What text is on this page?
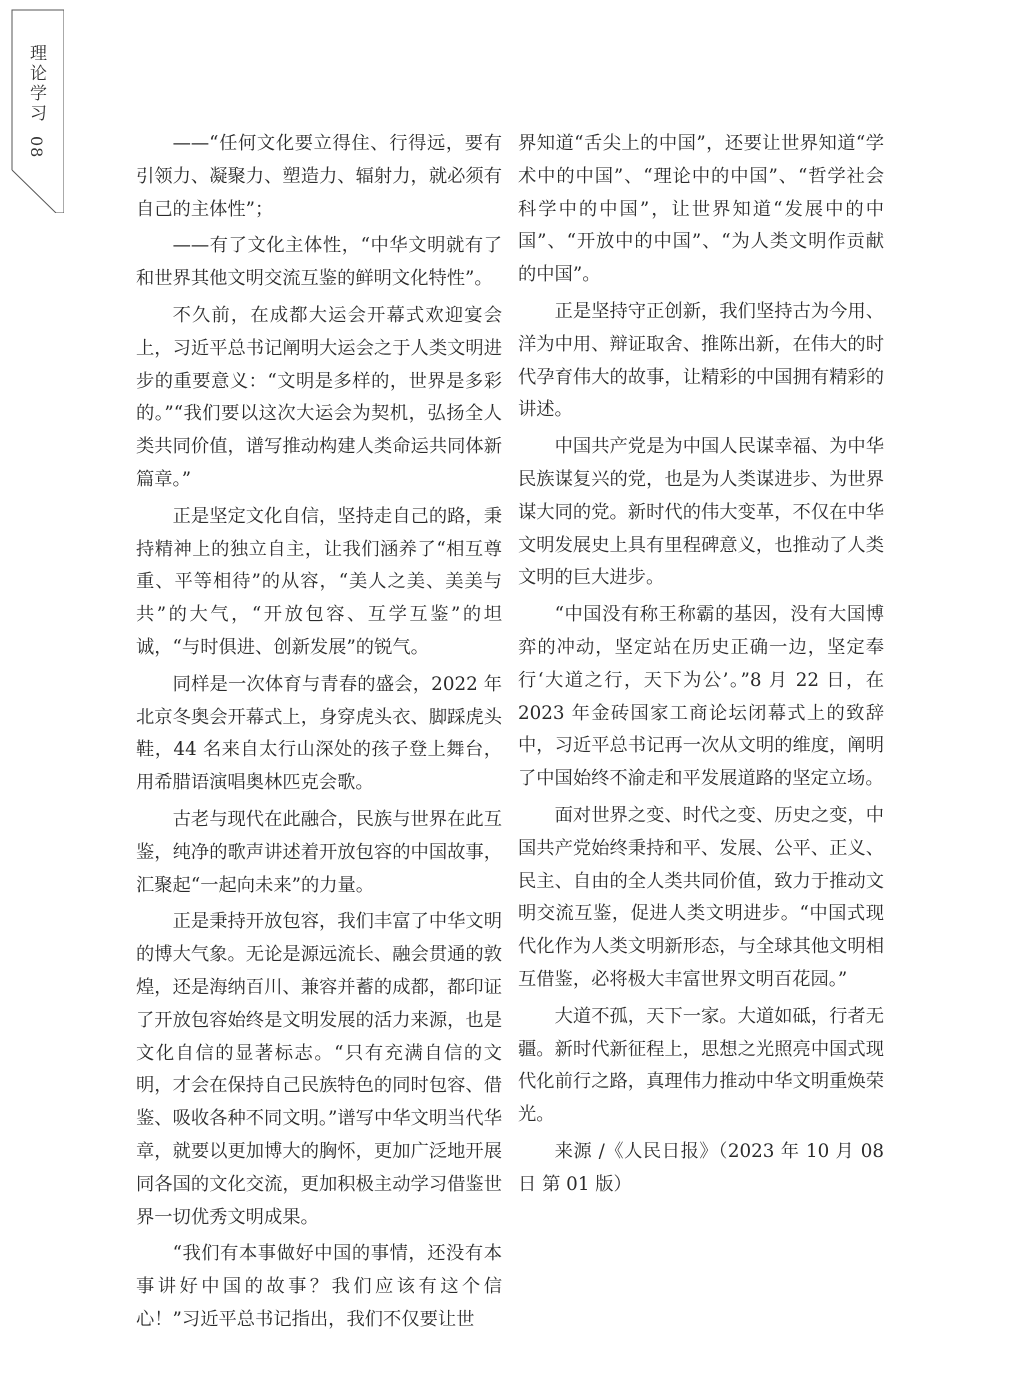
理论学习08	——“任何文化要立得住、行得远，要有引领力、凝聚力、塑造力、辐射力，就必须有自己的主体性”；

——有了文化主体性，“中华文明就有了和世界其他文明交流互鉴的鲜明文化特性”。

不久前，在成都大运会开幕式欢迎宴会上，习近平总书记阐明大运会之于人类文明进步的重要意义：“文明是多样的，世界是多彩的。”“我们要以这次大运会为契机，弘扬全人类共同价值，谱写推动构建人类命运共同体新篇章。”

正是坚定文化自信，坚持走自己的路，秉持精神上的独立自主，让我们涵养了“相互尊重、平等相待”的从容，“美人之美、美美与共”的大气，“开放包容、互学互鉴”的坦诚，“与时俱进、创新发展”的锐气。

同样是一次体育与青春的盛会，2022 年北京冬奥会开幕式上，身穿虎头衣、脚踩虎头鞋，44 名来自太行山深处的孩子登上舞台，用希腊语演唱奥林匹克会歌。

古老与现代在此融合，民族与世界在此互鉴，纯净的歌声讲述着开放包容的中国故事，汇聚起“一起向未来”的力量。

正是秉持开放包容，我们丰富了中华文明的博大气象。无论是源远流长、融会贯通的敦煌，还是海纳百川、兼容并蓄的成都，都印证了开放包容始终是文明发展的活力来源，也是文化自信的显著标志。“只有充满自信的文明，才会在保持自己民族特色的同时包容、借鉴、吸收各种不同文明。”谱写中华文明当代华章，就要以更加博大的胸怀，更加广泛地开展同各国的文化交流，更加积极主动学习借鉴世界一切优秀文明成果。

“我们有本事做好中国的事情，还没有本事讲好中国的故事？我们应该有这个信心！”习近平总书记指出，我们不仅要让世

界知道“舌尖上的中国”，还要让世界知道“学术中的中国”、“理论中的中国”、“哲学社会科学中的中国”，让世界知道“发展中的中国”、“开放中的中国”、“为人类文明作贡献的中国”。

正是坚持守正创新，我们坚持古为今用、洋为中用、辩证取舍、推陈出新，在伟大的时代孕育伟大的故事，让精彩的中国拥有精彩的讲述。

中国共产党是为中国人民谋幸福、为中华民族谋复兴的党，也是为人类谋进步、为世界谋大同的党。新时代的伟大变革，不仅在中华文明发展史上具有里程碑意义，也推动了人类文明的巨大进步。

“中国没有称王称霸的基因，没有大国博弈的冲动，坚定站在历史正确一边，坚定奉行‘大道之行，天下为公’。”8 月 22 日，在 2023 年金砖国家工商论坛闭幕式上的致辞中，习近平总书记再一次从文明的维度，阐明了中国始终不渝走和平发展道路的坚定立场。

面对世界之变、时代之变、历史之变，中国共产党始终秉持和平、发展、公平、正义、民主、自由的全人类共同价值，致力于推动文明交流互鉴，促进人类文明进步。“中国式现代化作为人类文明新形态，与全球其他文明相互借鉴，必将极大丰富世界文明百花园。”

大道不孤，天下一家。大道如砥，行者无疆。新时代新征程上，思想之光照亮中国式现代化前行之路，真理伟力推动中华文明重焕荣光。

来源 /《人民日报》（2023 年 10 月 08 日 第 01 版）
